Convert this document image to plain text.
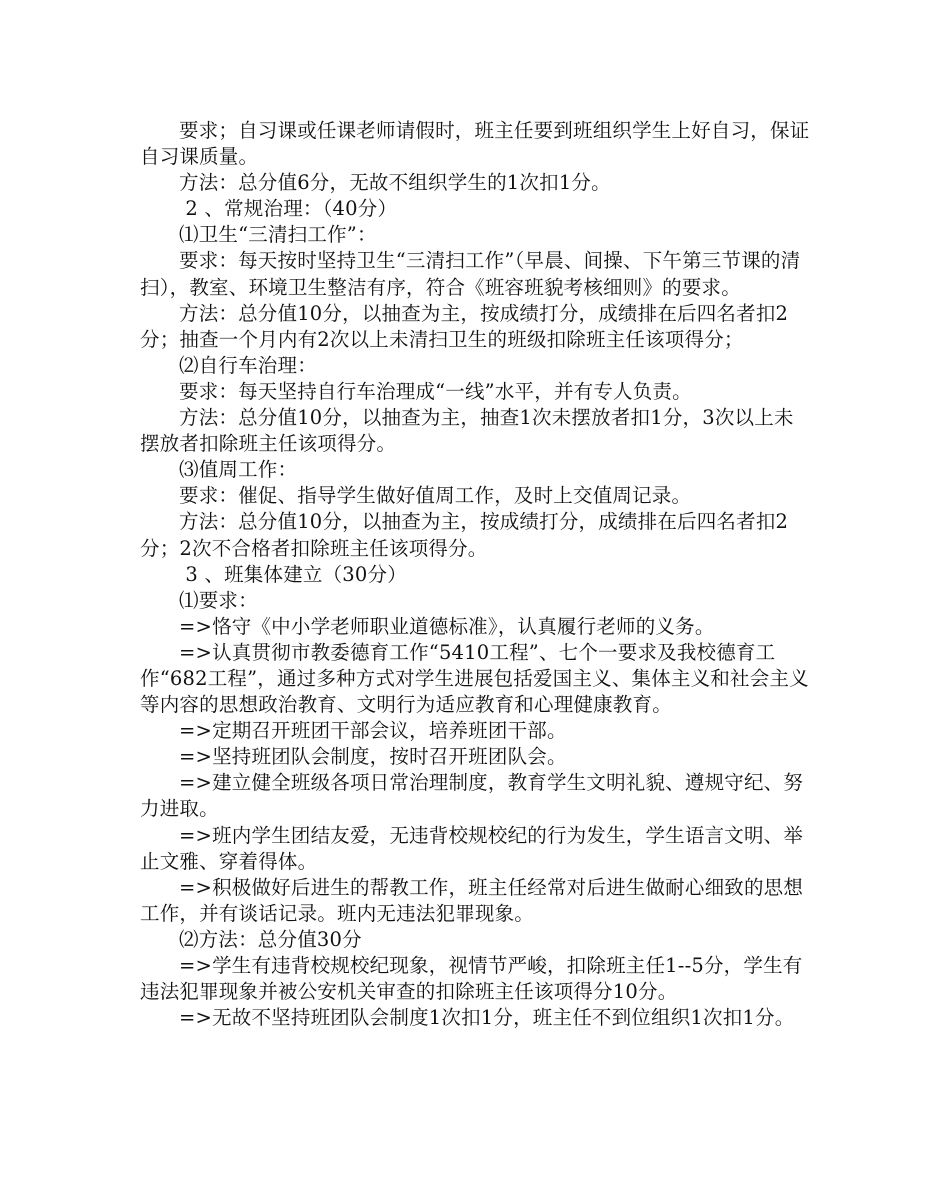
要求；自习课或任课老师请假时，班主任要到班组织学生上好自习，保证自习课质量。

方法：总分值6分，无故不组织学生的1次扣1分。

2 、常规治理：（40分）

⑴卫生“三清扫工作”：

要求：每天按时坚持卫生“三清扫工作”（早晨、间操、下午第三节课的清扫），教室、环境卫生整洁有序，符合《班容班貌考核细则》的要求。

方法：总分值10分，以抽查为主，按成绩打分，成绩排在后四名者扣2分；抽查一个月内有2次以上未清扫卫生的班级扣除班主任该项得分；

⑵自行车治理：

要求：每天坚持自行车治理成“一线”水平，并有专人负责。

方法：总分值10分，以抽查为主，抽查1次未摆放者扣1分，3次以上未摆放者扣除班主任该项得分。

⑶值周工作：

要求：催促、指导学生做好值周工作，及时上交值周记录。

方法：总分值10分，以抽查为主，按成绩打分，成绩排在后四名者扣2分；2次不合格者扣除班主任该项得分。

3 、班集体建立（30分）

⑴要求：

=>恪守《中小学老师职业道德标准》，认真履行老师的义务。

=>认真贯彻市教委德育工作“5410工程”、七个一要求及我校德育工作“682工程”，通过多种方式对学生进展包括爱国主义、集体主义和社会主义等内容的思想政治教育、文明行为适应教育和心理健康教育。

=>定期召开班团干部会议，培养班团干部。

=>坚持班团队会制度，按时召开班团队会。

=>建立健全班级各项日常治理制度，教育学生文明礼貌、遵规守纪、努力进取。

=>班内学生团结友爱，无违背校规校纪的行为发生，学生语言文明、举止文雅、穿着得体。

=>积极做好后进生的帮教工作，班主任经常对后进生做耐心细致的思想工作，并有谈话记录。班内无违法犯罪现象。

⑵方法：总分值30分

=>学生有违背校规校纪现象，视情节严峻，扣除班主任1--5分，学生有违法犯罪现象并被公安机关审查的扣除班主任该项得分10分。

=>无故不坚持班团队会制度1次扣1分，班主任不到位组织1次扣1分。
